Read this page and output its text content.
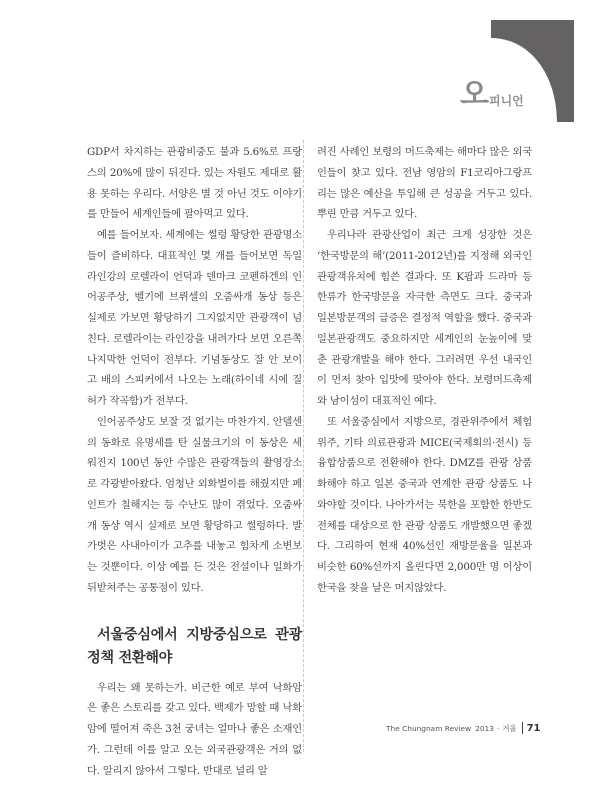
오 피니언

GDP서 차지하는 관광비중도 불과 5.6%로 프랑스의 20%에 많이 뒤진다. 있는 자원도 제대로 활용 못하는 우리다. 서양은 별 것 아닌 것도 이야기를 만들어 세계인들에 팔아먹고 있다.

예를 들어보자. 세계에는 썰렁 황당한 관광명소들이 즐비하다. 대표적인 몇 개를 들어보면 독일 라인강의 로렐라이 언덕과 덴마크 코펜하겐의 인어공주상, 벨기에 브뤼셀의 오줌싸개 동상 등은 실제로 가보면 황당하기 그지없지만 관광객이 넘친다. 로렐라이는 라인강을 내려가다 보면 오른쪽 나지막한 언덕이 전부다. 기념동상도 잘 안 보이고 배의 스피커에서 나오는 노래(하이네 시에 질허가 작곡함)가 전부다.

인어공주상도 보잘 것 없기는 마찬가지. 안델센의 동화로 유명세를 탄 실물크기의 이 동상은 세워진지 100년 동안 수많은 관광객들의 촬영장소로 각광받아왔다. 엄청난 외화벌이를 해줬지만 페인트가 칠해지는 등 수난도 많이 겪었다. 오줌싸개 동상 역시 실제로 보면 황당하고 썰렁하다. 발가벗은 사내아이가 고추를 내놓고 힘차게 소변보는 것뿐이다. 이상 예를 든 것은 전설이나 일화가 뒤받쳐주는 공통점이 있다.

서울중심에서 지방중심으로 관광정책 전환해야

우리는 왜 못하는가. 비근한 예로 부여 낙화암은 좋은 스토리를 갖고 있다. 백제가 망할 때 낙화암에 떨어져 죽은 3천 궁녀는 얼마나 좋은 소재인가. 그런데 이를 알고 오는 외국관광객은 거의 없다. 알리지 않아서 그렇다. 반대로 널리 알

려진 사례인 보령의 머드축제는 해마다 많은 외국인들이 찾고 있다. 전남 영암의 F1코리아그랑프리는 많은 예산을 투입해 큰 성공을 거두고 있다. 뿌린 만큼 거두고 있다.

우리나라 관광산업이 최근 크게 성장한 것은 ‘한국방문의 해’(2011-2012년)를 지정해 외국인 관광객유치에 힘쓴 결과다. 또 K팝과 드라마 등 한류가 한국방문을 자극한 측면도 크다. 중국과 일본방문객의 급증은 결정적 역할을 했다. 중국과 일본관광객도 중요하지만 세계인의 눈높이에 맞춘 관광개발을 해야 한다. 그러려면 우선 내국인이 먼저 찾아 입맛에 맞아야 한다. 보령머드축제와 남이섬이 대표적인 예다.

또 서울중심에서 지방으로, 경관위주에서 체험위주, 기타 의료관광과 MICE(국제회의·전시) 등 융합상품으로 전환해야 한다. DMZ를 관광 상품화해야 하고 일본 중국과 연계한 관광 상품도 나와야할 것이다. 나아가서는 북한을 포함한 한반도 전체를 대상으로 한 관광 상품도 개발했으면 좋겠다. 그리하여 현재 40%선인 재방문율을 일본과 비슷한 60%선까지 올린다면 2,000만 명 이상이 한국을 찾을 날은 머지않았다.

The Chungnam Review 2013 · 겨울 71
